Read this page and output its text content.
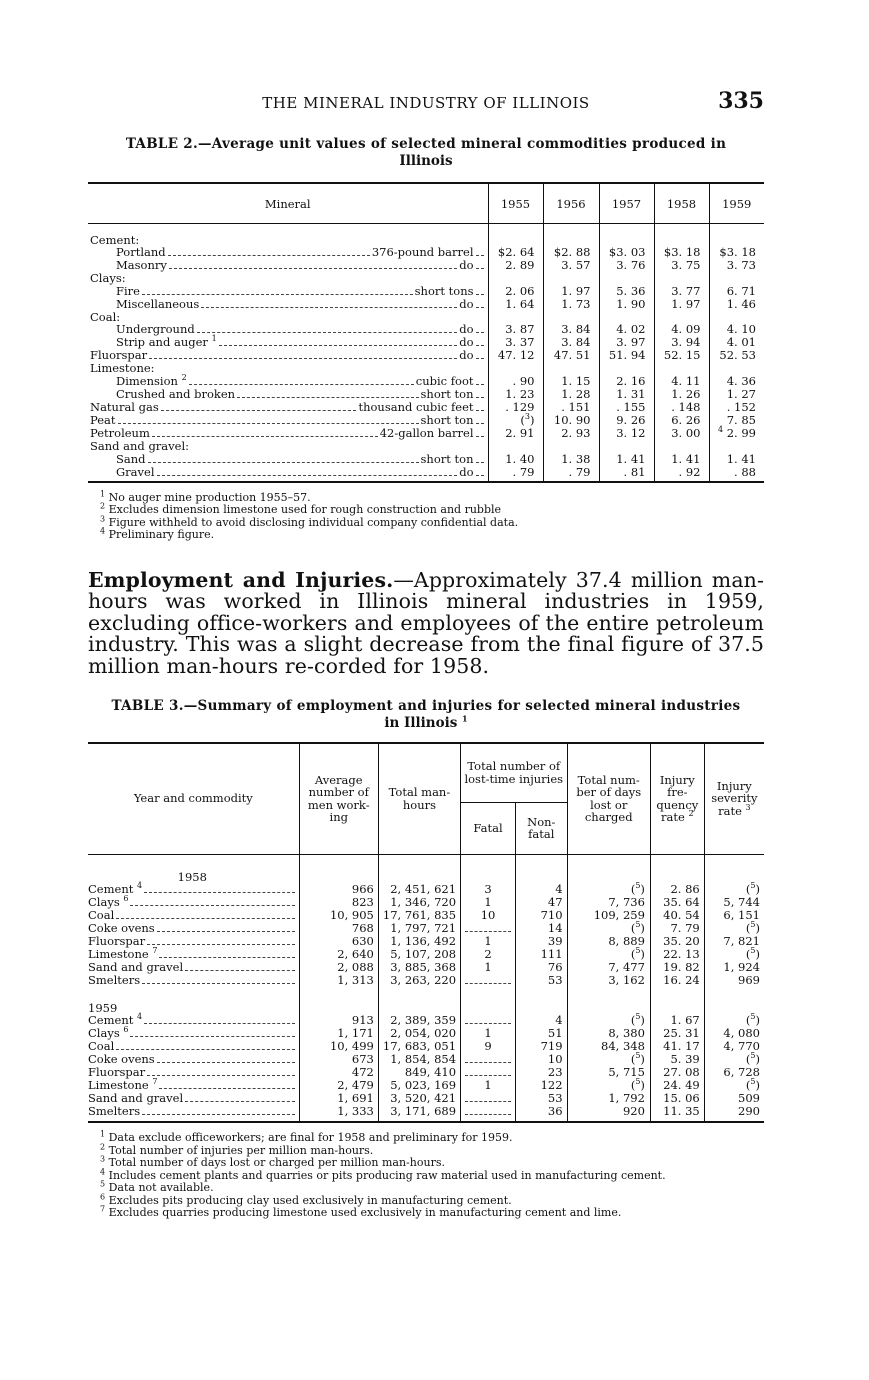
THE MINERAL INDUSTRY OF ILLINOIS	335
TABLE 2.—Average unit values of selected mineral commodities produced in
Illinois
Mineral	1955	1956	1957	1958	1959
Cement:					

Portland 376-pound barrel	$2. 64	$2. 88	$3. 03	$3. 18	$3. 18

Masonry do	2. 89	3. 57	3. 76	3. 75	3. 73
Clays:					

Fire short tons	2. 06	1. 97	5. 36	3. 77	6. 71

Miscellaneous do	1. 64	1. 73	1. 90	1. 97	1. 46
Coal:					

Underground do	3. 87	3. 84	4. 02	4. 09	4. 10

Strip and auger $^1$ do	3. 37	3. 84	3. 97	3. 94	4. 01

Fluorspar do	47. 12	47. 51	51. 94	52. 15	52. 53
Limestone:					

Dimension $^2$ cubic foot	. 90	1. 15	2. 16	4. 11	4. 36

Crushed and broken short ton	1. 23	1. 28	1. 31	1. 26	1. 27

Natural gas thousand cubic feet	. 129	. 151	. 155	. 148	. 152

Peat short ton	($^3$)	10. 90	9. 26	6. 26	7. 85

Petroleum 42-gallon barrel	2. 91	2. 93	3. 12	3. 00	$^4$ 2. 99
Sand and gravel:					

Sand short ton	1. 40	1. 38	1. 41	1. 41	1. 41

Gravel do	. 79	. 79	. 81	. 92	. 88
$^1$ No auger mine production 1955–57.
$^2$ Excludes dimension limestone used for rough construction and rubble
$^3$ Figure withheld to avoid disclosing individual company confidential data.
$^4$ Preliminary figure.

Employment and Injuries.—Approximately 37.4 million man-hours was worked in Illinois mineral industries in 1959, excluding office-workers and employees of the entire petroleum industry. This was a slight decrease from the final figure of 37.5 million man-hours re-corded for 1958.

TABLE 3.—Summary of employment and injuries for selected mineral industries
in Illinois $^1$
Year and commodity	Average number of men work-ing	Total man-hours	Total number of lost-time injuries		Total num-ber of days lost or charged	Injury fre-quency rate $^2$	Injury severity rate $^3$
			Fatal	Non-fatal			
1958							

Cement $^4$	966	2, 451, 621	3	4	($^5$)	2. 86	($^5$)

Clays $^6$	823	1, 346, 720	1	47	7, 736	35. 64	5, 744

Coal	10, 905	17, 761, 835	10	710	109, 259	40. 54	6, 151

Coke ovens	768	1, 797, 721		14	($^5$)	7. 79	($^5$)

Fluorspar	630	1, 136, 492	1	39	8, 889	35. 20	7, 821

Limestone $^7$	2, 640	5, 107, 208	2	111	($^5$)	22. 13	($^5$)

Sand and gravel	2, 088	3, 885, 368	1	76	7, 477	19. 82	1, 924

Smelters	1, 313	3, 263, 220		53	3, 162	16. 24	969
1959							

Cement $^4$	913	2, 389, 359		4	($^5$)	1. 67	($^5$)

Clays $^6$	1, 171	2, 054, 020	1	51	8, 380	25. 31	4, 080

Coal	10, 499	17, 683, 051	9	719	84, 348	41. 17	4, 770

Coke ovens	673	1, 854, 854		10	($^5$)	5. 39	($^5$)

Fluorspar	472	849, 410		23	5, 715	27. 08	6, 728

Limestone $^7$	2, 479	5, 023, 169	1	122	($^5$)	24. 49	($^5$)

Sand and gravel	1, 691	3, 520, 421		53	1, 792	15. 06	509

Smelters	1, 333	3, 171, 689		36	920	11. 35	290
$^1$ Data exclude officeworkers; are final for 1958 and preliminary for 1959.
$^2$ Total number of injuries per million man-hours.
$^3$ Total number of days lost or charged per million man-hours.
$^4$ Includes cement plants and quarries or pits producing raw material used in manufacturing cement.
$^5$ Data not available.
$^6$ Excludes pits producing clay used exclusively in manufacturing cement.
$^7$ Excludes quarries producing limestone used exclusively in manufacturing cement and lime.
